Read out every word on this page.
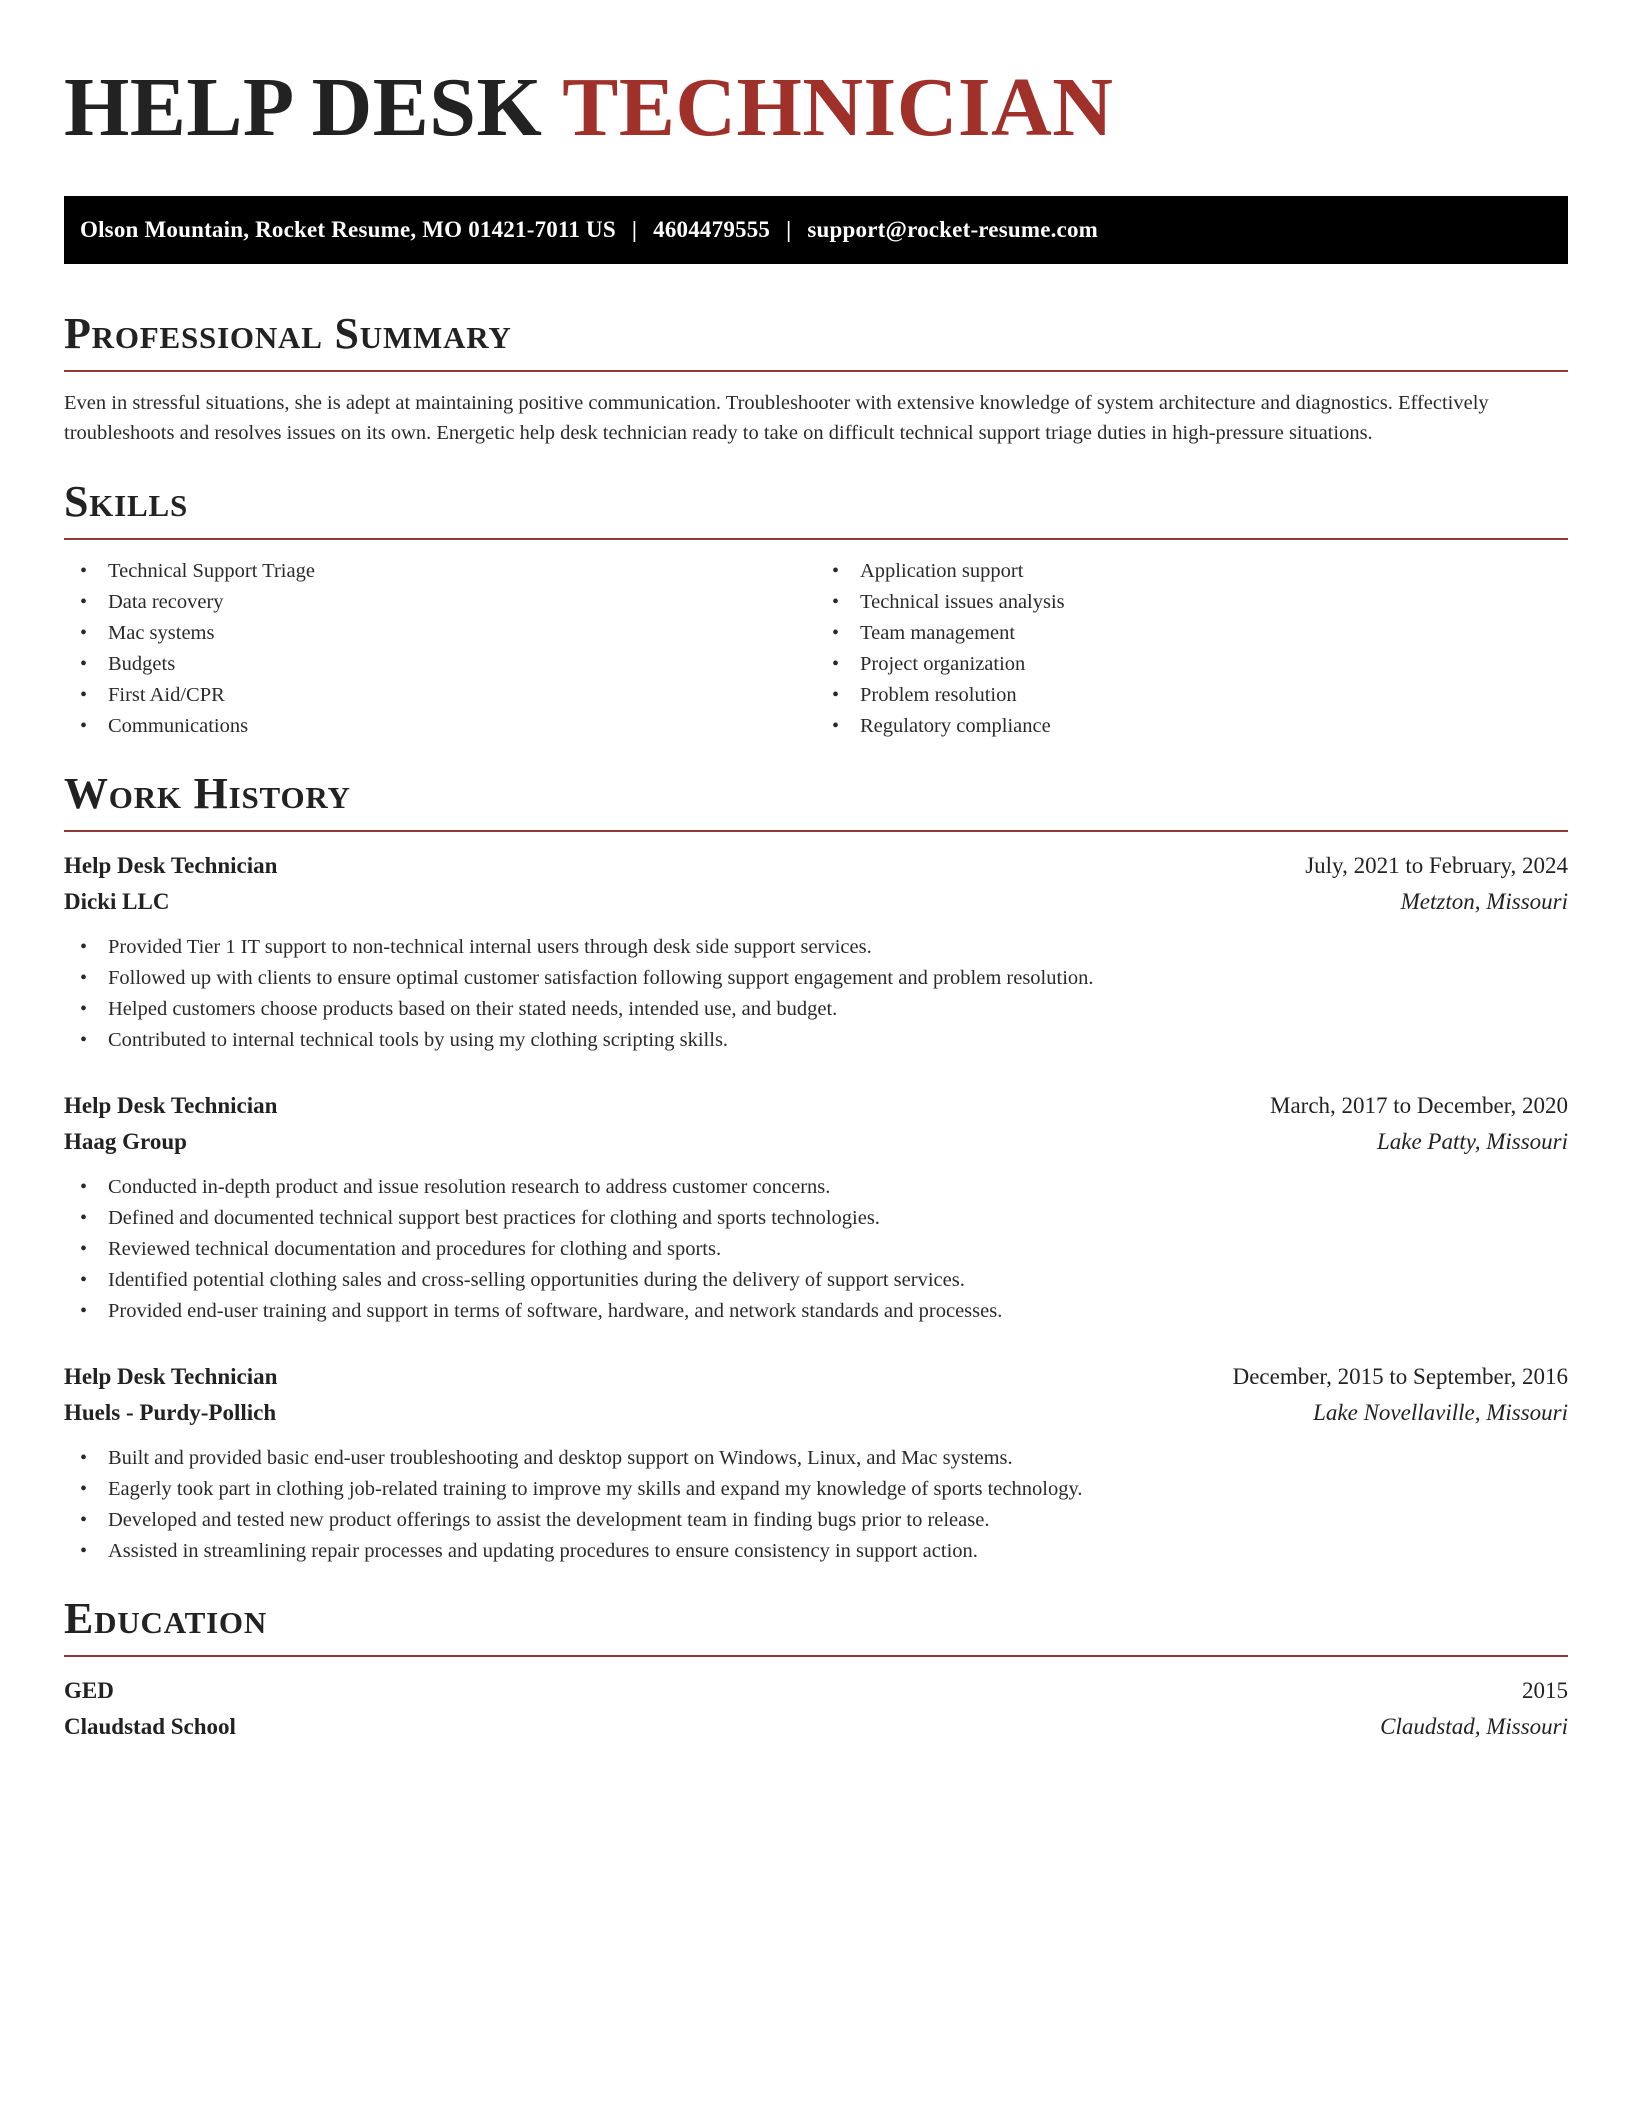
HELP DESK TECHNICIAN
Olson Mountain, Rocket Resume, MO 01421-7011 US | 4604479555 | support@rocket-resume.com
Professional Summary

Even in stressful situations, she is adept at maintaining positive communication. Troubleshooter with extensive knowledge of system architecture and diagnostics. Effectively troubleshoots and resolves issues on its own. Energetic help desk technician ready to take on difficult technical support triage duties in high-pressure situations.

Skills
• Technical Support Triage
• Data recovery
• Mac systems
• Budgets
• First Aid/CPR
• Communications
• Application support
• Technical issues analysis
• Team management
• Project organization
• Problem resolution
• Regulatory compliance
Work History
Help Desk Technician	July, 2021 to February, 2024
Dicki LLC	Metzton, Missouri
• Provided Tier 1 IT support to non-technical internal users through desk side support services.
• Followed up with clients to ensure optimal customer satisfaction following support engagement and problem resolution.
• Helped customers choose products based on their stated needs, intended use, and budget.
• Contributed to internal technical tools by using my clothing scripting skills.
Help Desk Technician	March, 2017 to December, 2020
Haag Group	Lake Patty, Missouri
• Conducted in-depth product and issue resolution research to address customer concerns.
• Defined and documented technical support best practices for clothing and sports technologies.
• Reviewed technical documentation and procedures for clothing and sports.
• Identified potential clothing sales and cross-selling opportunities during the delivery of support services.
• Provided end-user training and support in terms of software, hardware, and network standards and processes.
Help Desk Technician	December, 2015 to September, 2016
Huels - Purdy-Pollich	Lake Novellaville, Missouri
• Built and provided basic end-user troubleshooting and desktop support on Windows, Linux, and Mac systems.
• Eagerly took part in clothing job-related training to improve my skills and expand my knowledge of sports technology.
• Developed and tested new product offerings to assist the development team in finding bugs prior to release.
• Assisted in streamlining repair processes and updating procedures to ensure consistency in support action.
Education
GED	2015
Claudstad School	Claudstad, Missouri
